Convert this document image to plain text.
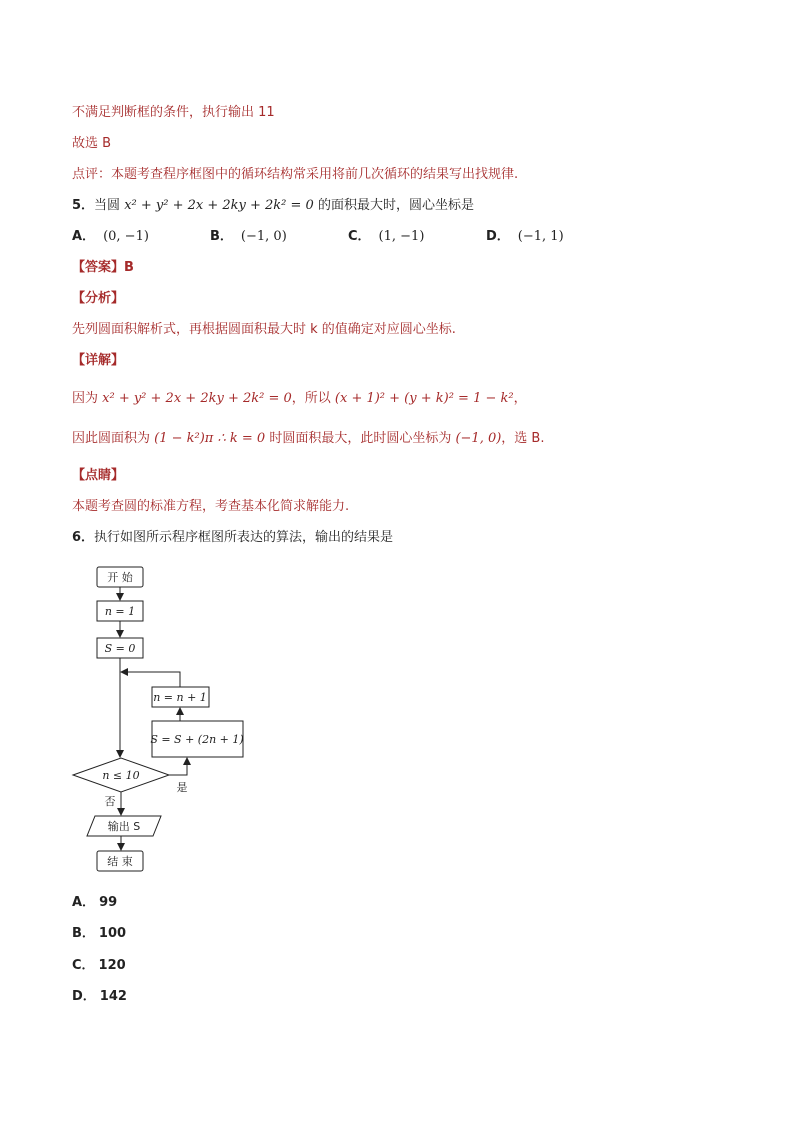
不满足判断框的条件，执行输出 11
故选 B
点评：本题考查程序框图中的循环结构常采用将前几次循环的结果写出找规律.
5．当圆 x² + y² + 2x + 2ky + 2k² = 0 的面积最大时，圆心坐标是
A． (0, −1)	B． (−1, 0)	C． (1, −1)	D． (−1, 1)
【答案】B
【分析】
先列圆面积解析式，再根据圆面积最大时 k 的值确定对应圆心坐标.
【详解】
因为 x² + y² + 2x + 2ky + 2k² = 0，所以 (x + 1)² + (y + k)² = 1 − k²，
因此圆面积为 (1 − k²)π ∴ k = 0 时圆面积最大，此时圆心坐标为 (−1, 0)，选 B.
【点睛】
本题考查圆的标准方程，考查基本化简求解能力.
6．执行如图所示程序框图所表达的算法，输出的结果是
开 始
n = 1
S = 0
n = n + 1
S = S + (2n + 1)
n ≤ 10
否
是
输出 S
结 束
A． 99
B． 100
C． 120
D． 142
